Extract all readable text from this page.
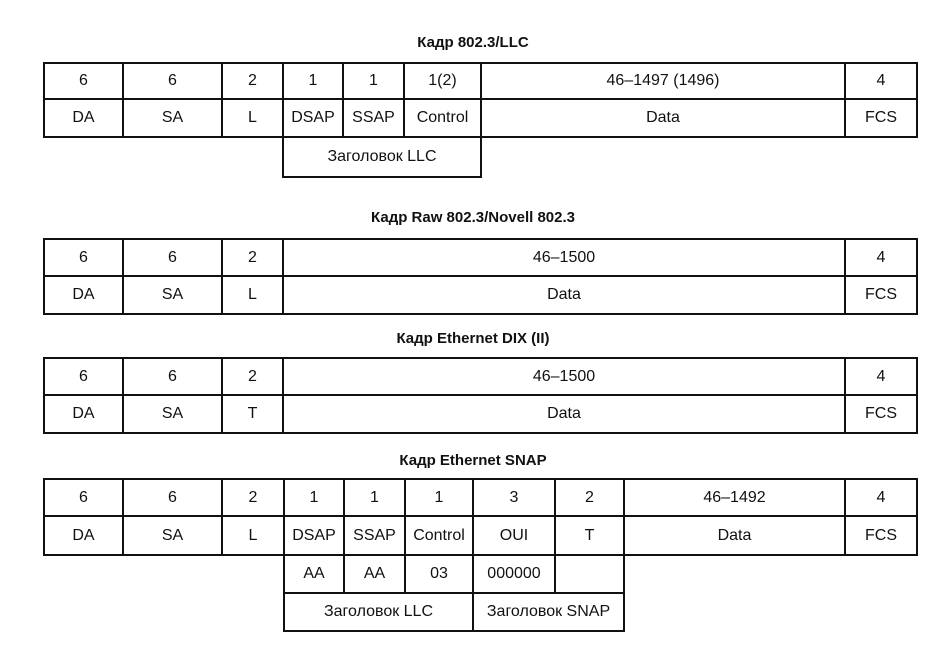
Кадр 802.3/LLC
6	6	2	1	1	1(2)	46–1497 (1496)	4
DA	SA	L	DSAP	SSAP	Control	Data	FCS
Заголовок LLC
Кадр Raw 802.3/Novell 802.3
6	6	2	46–1500	4
DA	SA	L	Data	FCS
Кадр Ethernet DIX (II)
6	6	2	46–1500	4
DA	SA	T	Data	FCS
Кадр Ethernet SNAP
6	6	2	1	1	1	3	2	46–1492	4
DA	SA	L	DSAP	SSAP	Control	OUI	T	Data	FCS
AA	AA	03	000000
Заголовок LLC	Заголовок SNAP
